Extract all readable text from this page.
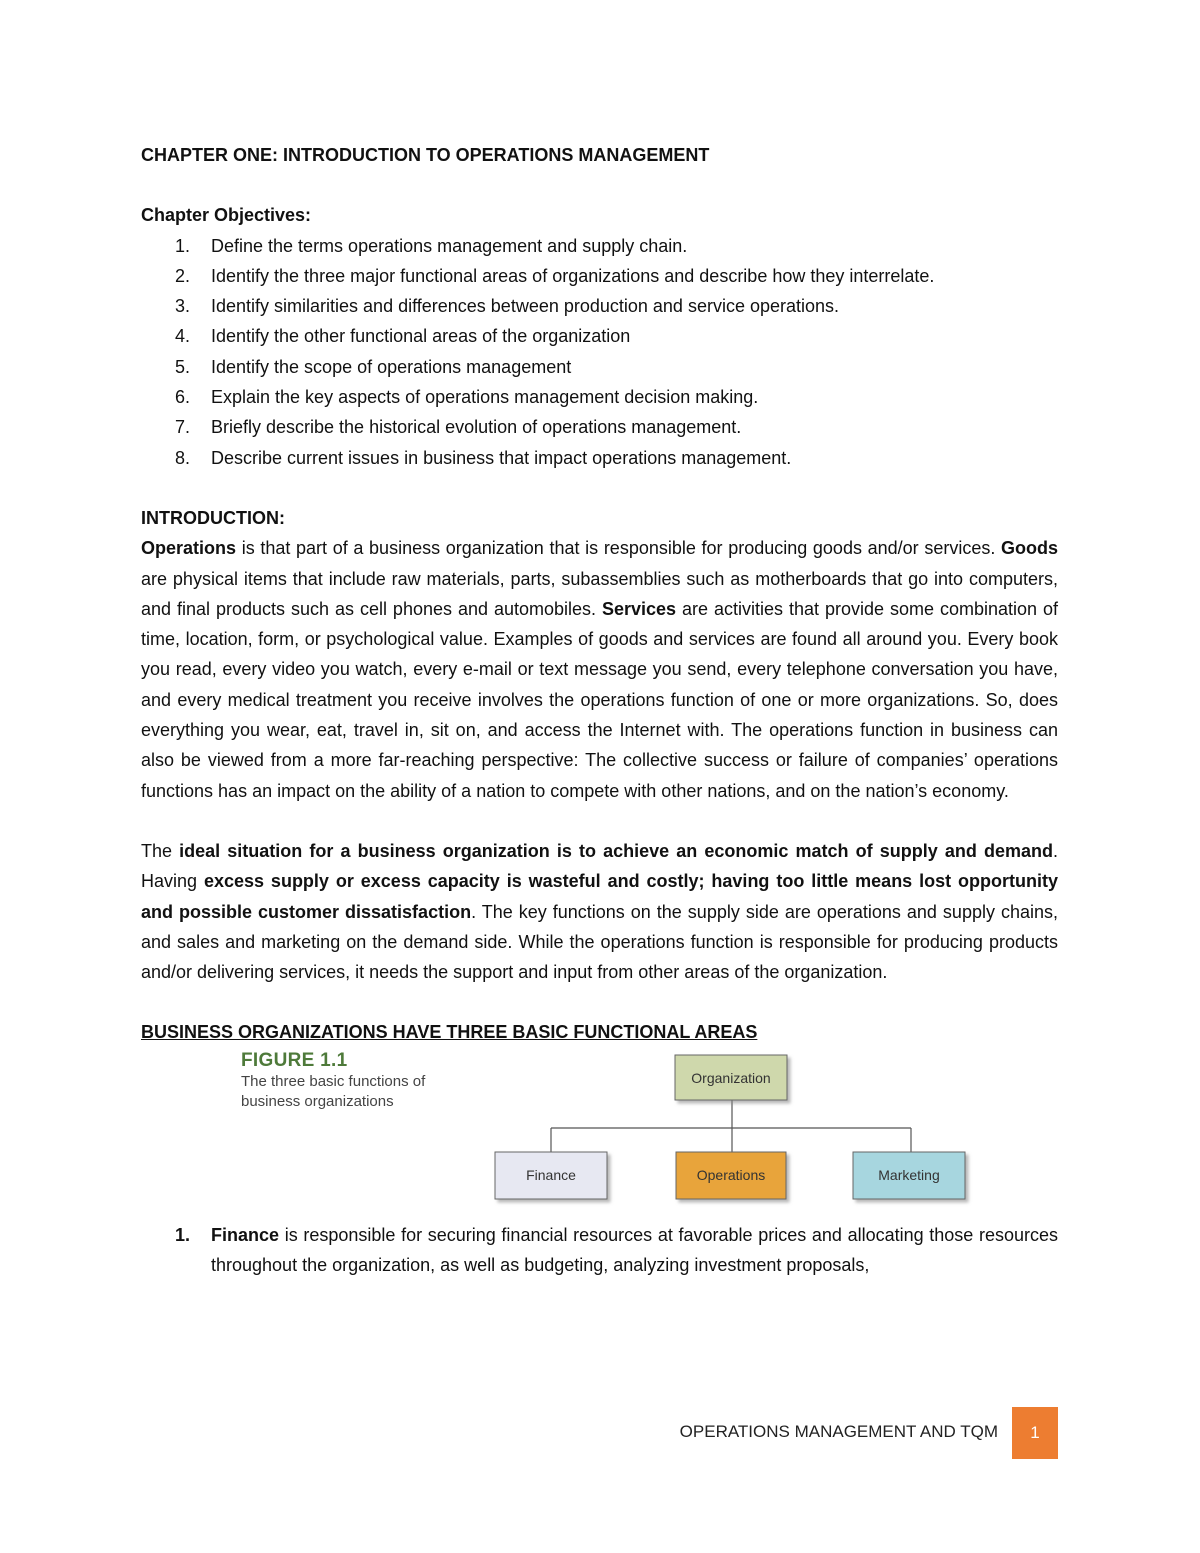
CHAPTER ONE: INTRODUCTION TO OPERATIONS MANAGEMENT
Chapter Objectives:
1. Define the terms operations management and supply chain.
2. Identify the three major functional areas of organizations and describe how they interrelate.
3. Identify similarities and differences between production and service operations.
4. Identify the other functional areas of the organization
5. Identify the scope of operations management
6. Explain the key aspects of operations management decision making.
7. Briefly describe the historical evolution of operations management.
8. Describe current issues in business that impact operations management.
INTRODUCTION:

Operations is that part of a business organization that is responsible for producing goods and/or services. Goods are physical items that include raw materials, parts, subassemblies such as motherboards that go into computers, and final products such as cell phones and automobiles. Services are activities that provide some combination of time, location, form, or psychological value. Examples of goods and services are found all around you. Every book you read, every video you watch, every e-mail or text message you send, every telephone conversation you have, and every medical treatment you receive involves the operations function of one or more organizations. So, does everything you wear, eat, travel in, sit on, and access the Internet with. The operations function in business can also be viewed from a more far-reaching perspective: The collective success or failure of companies’ operations functions has an impact on the ability of a nation to compete with other nations, and on the nation’s economy.

The ideal situation for a business organization is to achieve an economic match of supply and demand. Having excess supply or excess capacity is wasteful and costly; having too little means lost opportunity and possible customer dissatisfaction. The key functions on the supply side are operations and supply chains, and sales and marketing on the demand side. While the operations function is responsible for producing products and/or delivering services, it needs the support and input from other areas of the organization.

BUSINESS ORGANIZATIONS HAVE THREE BASIC FUNCTIONAL AREAS
FIGURE 1.1
The three basic functions of
business organizations
Organization
Finance	Operations	Marketing
1. Finance is responsible for securing financial resources at favorable prices and allocating those resources throughout the organization, as well as budgeting, analyzing investment proposals,
OPERATIONS MANAGEMENT AND TQM	1
